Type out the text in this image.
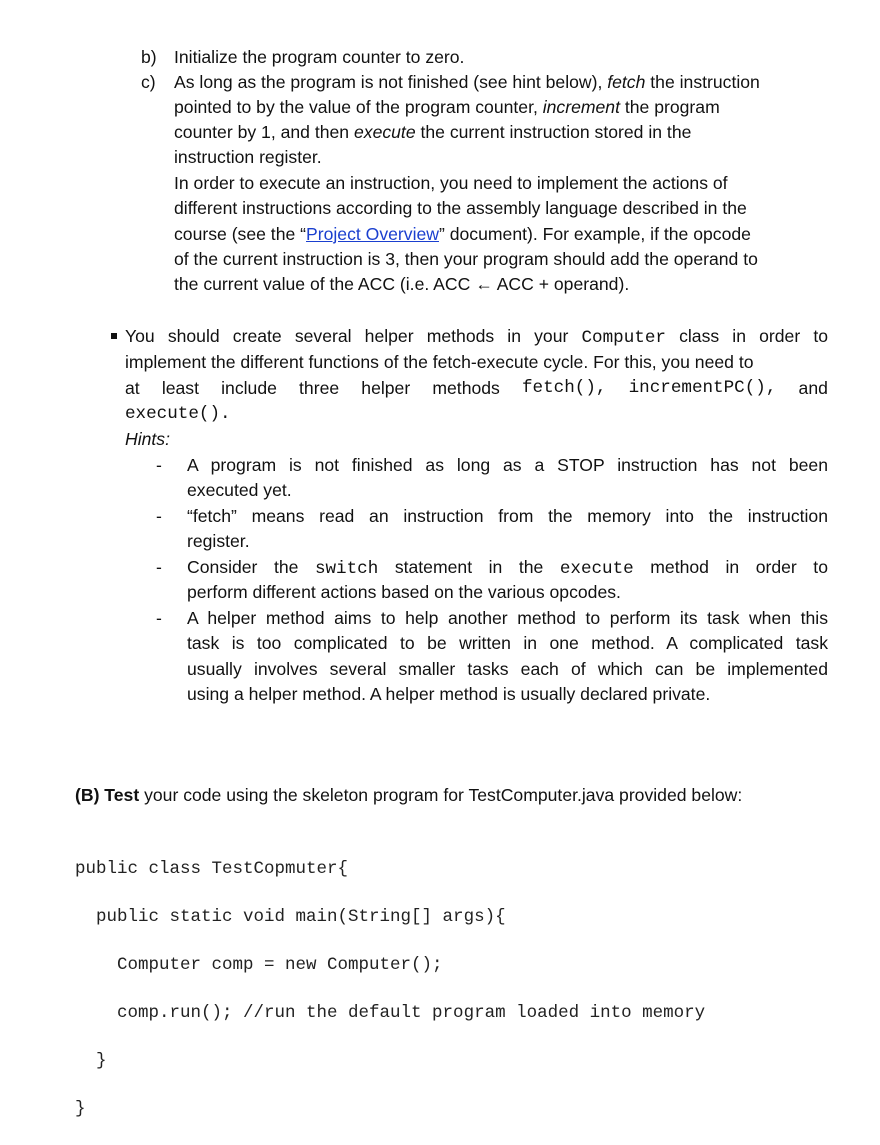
b) Initialize the program counter to zero.
c) As long as the program is not finished (see hint below), fetch the instruction
pointed to by the value of the program counter, increment the program
counter by 1, and then execute the current instruction stored in the
instruction register.
In order to execute an instruction, you need to implement the actions of
different instructions according to the assembly language described in the
course (see the “Project Overview” document). For example, if the opcode
of the current instruction is 3, then your program should add the operand to
the current value of the ACC (i.e. ACC ← ACC + operand).
You should create several helper methods in your Computer class in order to
implement the different functions of the fetch-execute cycle. For this, you need to
at least include three helper methods fetch(), incrementPC(), and
execute().
Hints:
- A program is not finished as long as a STOP instruction has not been
executed yet.
- “fetch” means read an instruction from the memory into the instruction
register.
- Consider the switch statement in the execute method in order to
perform different actions based on the various opcodes.
- A helper method aims to help another method to perform its task when this
task is too complicated to be written in one method. A complicated task
usually involves several smaller tasks each of which can be implemented
using a helper method. A helper method is usually declared private.
(B) Test your code using the skeleton program for TestComputer.java provided below:

public class TestCopmuter{

public static void main(String[] args){

Computer comp = new Computer();

comp.run(); //run the default program loaded into memory

}

}
